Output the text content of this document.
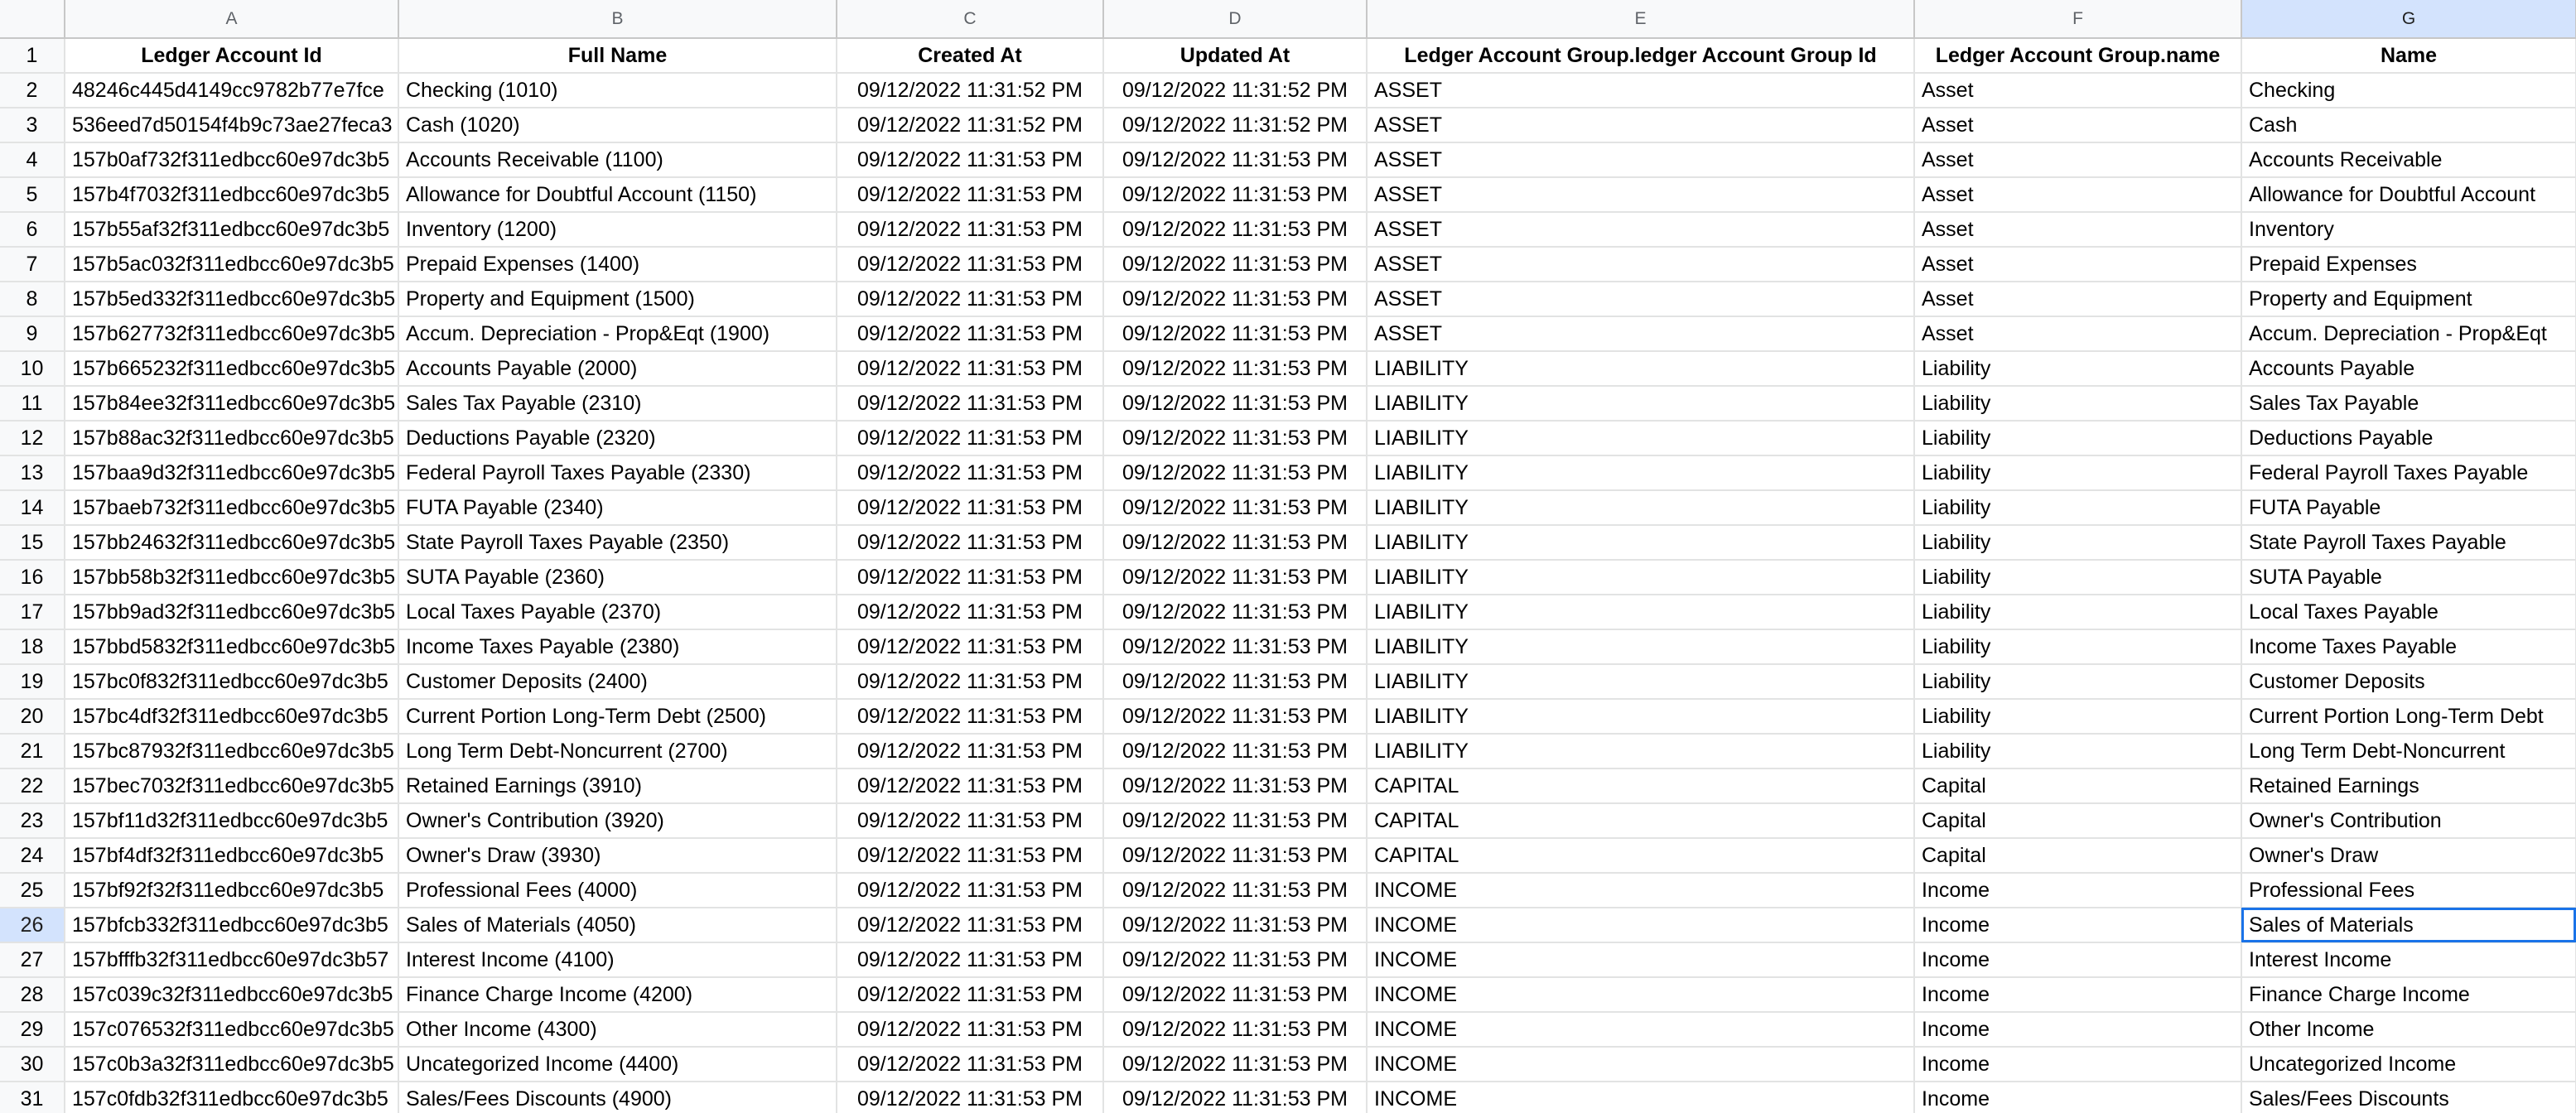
	A	B	C	D	E	F	G
1	Ledger Account Id	Full Name	Created At	Updated At	Ledger Account Group.ledger Account Group Id	Ledger Account Group.name	Name
2	48246c445d4149cc9782b77e7fce	Checking (1010)	09/12/2022 11:31:52 PM	09/12/2022 11:31:52 PM	ASSET	Asset	Checking
3	536eed7d50154f4b9c73ae27feca3	Cash (1020)	09/12/2022 11:31:52 PM	09/12/2022 11:31:52 PM	ASSET	Asset	Cash
4	157b0af732f311edbcc60e97dc3b5	Accounts Receivable (1100)	09/12/2022 11:31:53 PM	09/12/2022 11:31:53 PM	ASSET	Asset	Accounts Receivable
5	157b4f7032f311edbcc60e97dc3b5	Allowance for Doubtful Account (1150)	09/12/2022 11:31:53 PM	09/12/2022 11:31:53 PM	ASSET	Asset	Allowance for Doubtful Account
6	157b55af32f311edbcc60e97dc3b5	Inventory (1200)	09/12/2022 11:31:53 PM	09/12/2022 11:31:53 PM	ASSET	Asset	Inventory
7	157b5ac032f311edbcc60e97dc3b5	Prepaid Expenses (1400)	09/12/2022 11:31:53 PM	09/12/2022 11:31:53 PM	ASSET	Asset	Prepaid Expenses
8	157b5ed332f311edbcc60e97dc3b5	Property and Equipment (1500)	09/12/2022 11:31:53 PM	09/12/2022 11:31:53 PM	ASSET	Asset	Property and Equipment
9	157b627732f311edbcc60e97dc3b5	Accum. Depreciation - Prop&Eqt (1900)	09/12/2022 11:31:53 PM	09/12/2022 11:31:53 PM	ASSET	Asset	Accum. Depreciation - Prop&Eqt
10	157b665232f311edbcc60e97dc3b5	Accounts Payable (2000)	09/12/2022 11:31:53 PM	09/12/2022 11:31:53 PM	LIABILITY	Liability	Accounts Payable
11	157b84ee32f311edbcc60e97dc3b5	Sales Tax Payable (2310)	09/12/2022 11:31:53 PM	09/12/2022 11:31:53 PM	LIABILITY	Liability	Sales Tax Payable
12	157b88ac32f311edbcc60e97dc3b5	Deductions Payable (2320)	09/12/2022 11:31:53 PM	09/12/2022 11:31:53 PM	LIABILITY	Liability	Deductions Payable
13	157baa9d32f311edbcc60e97dc3b5	Federal Payroll Taxes Payable (2330)	09/12/2022 11:31:53 PM	09/12/2022 11:31:53 PM	LIABILITY	Liability	Federal Payroll Taxes Payable
14	157baeb732f311edbcc60e97dc3b5	FUTA Payable (2340)	09/12/2022 11:31:53 PM	09/12/2022 11:31:53 PM	LIABILITY	Liability	FUTA Payable
15	157bb24632f311edbcc60e97dc3b5	State Payroll Taxes Payable (2350)	09/12/2022 11:31:53 PM	09/12/2022 11:31:53 PM	LIABILITY	Liability	State Payroll Taxes Payable
16	157bb58b32f311edbcc60e97dc3b5	SUTA Payable (2360)	09/12/2022 11:31:53 PM	09/12/2022 11:31:53 PM	LIABILITY	Liability	SUTA Payable
17	157bb9ad32f311edbcc60e97dc3b5	Local Taxes Payable (2370)	09/12/2022 11:31:53 PM	09/12/2022 11:31:53 PM	LIABILITY	Liability	Local Taxes Payable
18	157bbd5832f311edbcc60e97dc3b5	Income Taxes Payable (2380)	09/12/2022 11:31:53 PM	09/12/2022 11:31:53 PM	LIABILITY	Liability	Income Taxes Payable
19	157bc0f832f311edbcc60e97dc3b5	Customer Deposits (2400)	09/12/2022 11:31:53 PM	09/12/2022 11:31:53 PM	LIABILITY	Liability	Customer Deposits
20	157bc4df32f311edbcc60e97dc3b5	Current Portion Long-Term Debt (2500)	09/12/2022 11:31:53 PM	09/12/2022 11:31:53 PM	LIABILITY	Liability	Current Portion Long-Term Debt
21	157bc87932f311edbcc60e97dc3b5	Long Term Debt-Noncurrent (2700)	09/12/2022 11:31:53 PM	09/12/2022 11:31:53 PM	LIABILITY	Liability	Long Term Debt-Noncurrent
22	157bec7032f311edbcc60e97dc3b5	Retained Earnings (3910)	09/12/2022 11:31:53 PM	09/12/2022 11:31:53 PM	CAPITAL	Capital	Retained Earnings
23	157bf11d32f311edbcc60e97dc3b5	Owner's Contribution (3920)	09/12/2022 11:31:53 PM	09/12/2022 11:31:53 PM	CAPITAL	Capital	Owner's Contribution
24	157bf4df32f311edbcc60e97dc3b5	Owner's Draw (3930)	09/12/2022 11:31:53 PM	09/12/2022 11:31:53 PM	CAPITAL	Capital	Owner's Draw
25	157bf92f32f311edbcc60e97dc3b5	Professional Fees (4000)	09/12/2022 11:31:53 PM	09/12/2022 11:31:53 PM	INCOME	Income	Professional Fees
26	157bfcb332f311edbcc60e97dc3b5	Sales of Materials (4050)	09/12/2022 11:31:53 PM	09/12/2022 11:31:53 PM	INCOME	Income	Sales of Materials
27	157bfffb32f311edbcc60e97dc3b57	Interest Income (4100)	09/12/2022 11:31:53 PM	09/12/2022 11:31:53 PM	INCOME	Income	Interest Income
28	157c039c32f311edbcc60e97dc3b5	Finance Charge Income (4200)	09/12/2022 11:31:53 PM	09/12/2022 11:31:53 PM	INCOME	Income	Finance Charge Income
29	157c076532f311edbcc60e97dc3b5	Other Income (4300)	09/12/2022 11:31:53 PM	09/12/2022 11:31:53 PM	INCOME	Income	Other Income
30	157c0b3a32f311edbcc60e97dc3b5	Uncategorized Income (4400)	09/12/2022 11:31:53 PM	09/12/2022 11:31:53 PM	INCOME	Income	Uncategorized Income
31	157c0fdb32f311edbcc60e97dc3b5	Sales/Fees Discounts (4900)	09/12/2022 11:31:53 PM	09/12/2022 11:31:53 PM	INCOME	Income	Sales/Fees Discounts
